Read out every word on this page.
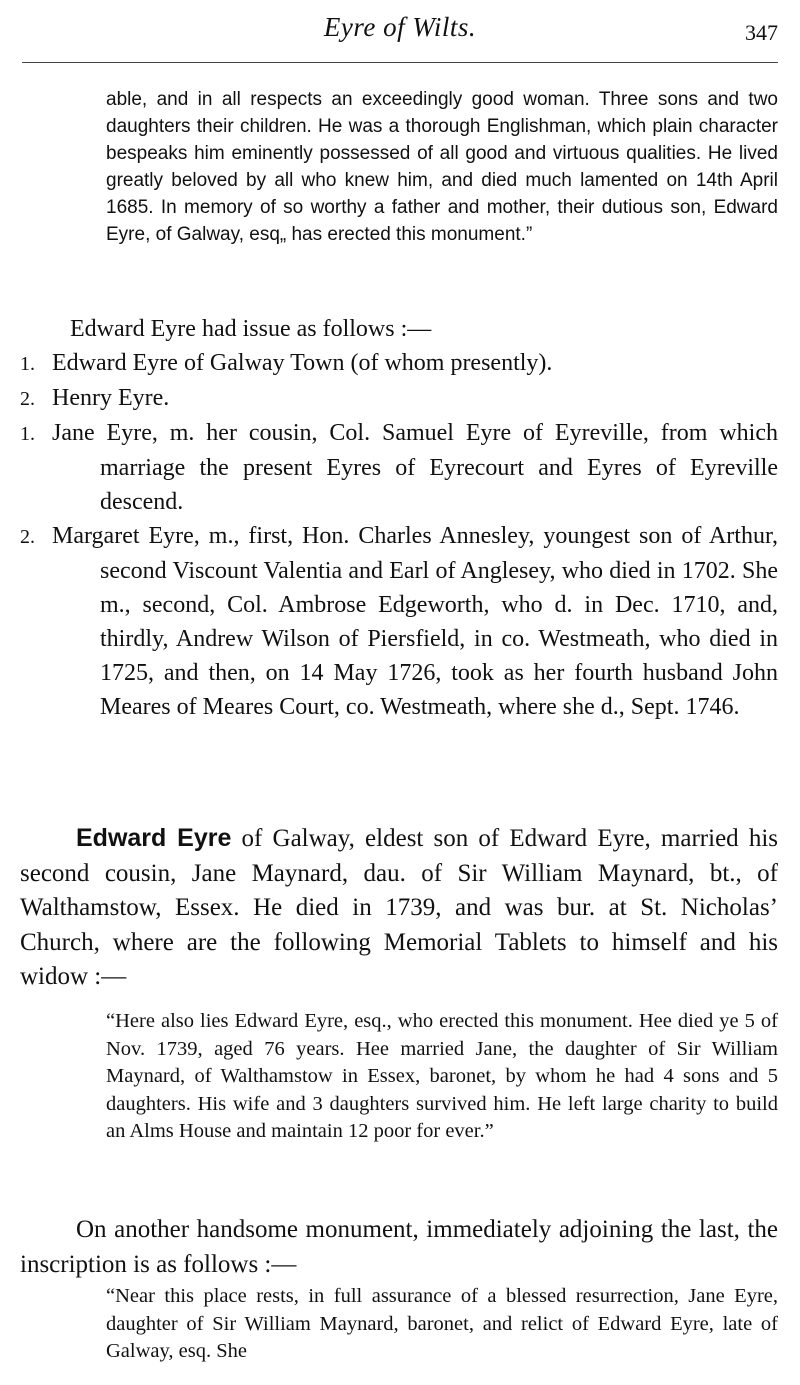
Eyre of Wilts.	347
able, and in all respects an exceedingly good woman. Three sons and two daughters their children. He was a thorough Englishman, which plain character bespeaks him eminently possessed of all good and virtuous qualities. He lived greatly beloved by all who knew him, and died much lamented on 14th April 1685. In memory of so worthy a father and mother, their dutious son, Edward Eyre, of Galway, esq„ has erected this monument.”
Edward Eyre had issue as follows :—
1. Edward Eyre of Galway Town (of whom presently).
2. Henry Eyre.
1. Jane Eyre, m. her cousin, Col. Samuel Eyre of Eyreville, from which marriage the present Eyres of Eyrecourt and Eyres of Eyreville descend.
2. Margaret Eyre, m., first, Hon. Charles Annesley, youngest son of Arthur, second Viscount Valentia and Earl of Anglesey, who died in 1702. She m., second, Col. Ambrose Edgeworth, who d. in Dec. 1710, and, thirdly, Andrew Wilson of Piersfield, in co. Westmeath, who died in 1725, and then, on 14 May 1726, took as her fourth husband John Meares of Meares Court, co. Westmeath, where she d., Sept. 1746.
Edward Eyre of Galway, eldest son of Edward Eyre, married his second cousin, Jane Maynard, dau. of Sir William Maynard, bt., of Walthamstow, Essex. He died in 1739, and was bur. at St. Nicholas’ Church, where are the following Memorial Tablets to himself and his widow :—
“Here also lies Edward Eyre, esq., who erected this monument. Hee died ye 5 of Nov. 1739, aged 76 years. Hee married Jane, the daughter of Sir William Maynard, of Walthamstow in Essex, baronet, by whom he had 4 sons and 5 daughters. His wife and 3 daughters survived him. He left large charity to build an Alms House and maintain 12 poor for ever.”
On another handsome monument, immediately adjoining the last, the inscription is as follows :—
“Near this place rests, in full assurance of a blessed resurrection, Jane Eyre, daughter of Sir William Maynard, baronet, and relict of Edward Eyre, late of Galway, esq. She
